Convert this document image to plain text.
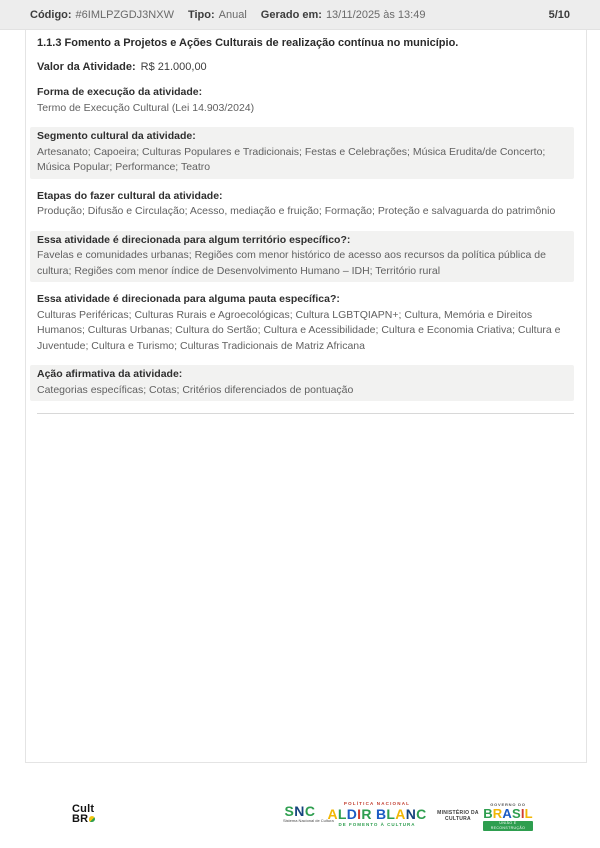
Código: #6IMLPZGDJ3NXW Tipo: Anual Gerado em: 13/11/2025 às 13:49	5/10
1.1.3 Fomento a Projetos e Ações Culturais de realização contínua no município.
Valor da Atividade: R$ 21.000,00
Forma de execução da atividade:
Termo de Execução Cultural (Lei 14.903/2024)
Segmento cultural da atividade:
Artesanato; Capoeira; Culturas Populares e Tradicionais; Festas e Celebrações; Música Erudita/de Concerto; Música Popular; Performance; Teatro
Etapas do fazer cultural da atividade:
Produção; Difusão e Circulação; Acesso, mediação e fruição; Formação; Proteção e salvaguarda do patrimônio
Essa atividade é direcionada para algum território específico?:
Favelas e comunidades urbanas; Regiões com menor histórico de acesso aos recursos da política pública de cultura; Regiões com menor índice de Desenvolvimento Humano – IDH; Território rural
Essa atividade é direcionada para alguma pauta específica?:
Culturas Periféricas; Culturas Rurais e Agroecológicas; Cultura LGBTQIAPN+; Cultura, Memória e Direitos Humanos; Culturas Urbanas; Cultura do Sertão; Cultura e Acessibilidade; Cultura e Economia Criativa; Cultura e Juventude; Cultura e Turismo; Culturas Tradicionais de Matriz Africana
Ação afirmativa da atividade:
Categorias específicas; Cotas; Critérios diferenciados de pontuação
Cult
BR	SNC
Sistema Nacional de Cultura
POLÍTICA NACIONAL
ALDIR BLANC
DE FOMENTO À CULTURA
MINISTÉRIO DA
CULTURA
GOVERNO DO
BRASIL
UNIÃO E RECONSTRUÇÃO
